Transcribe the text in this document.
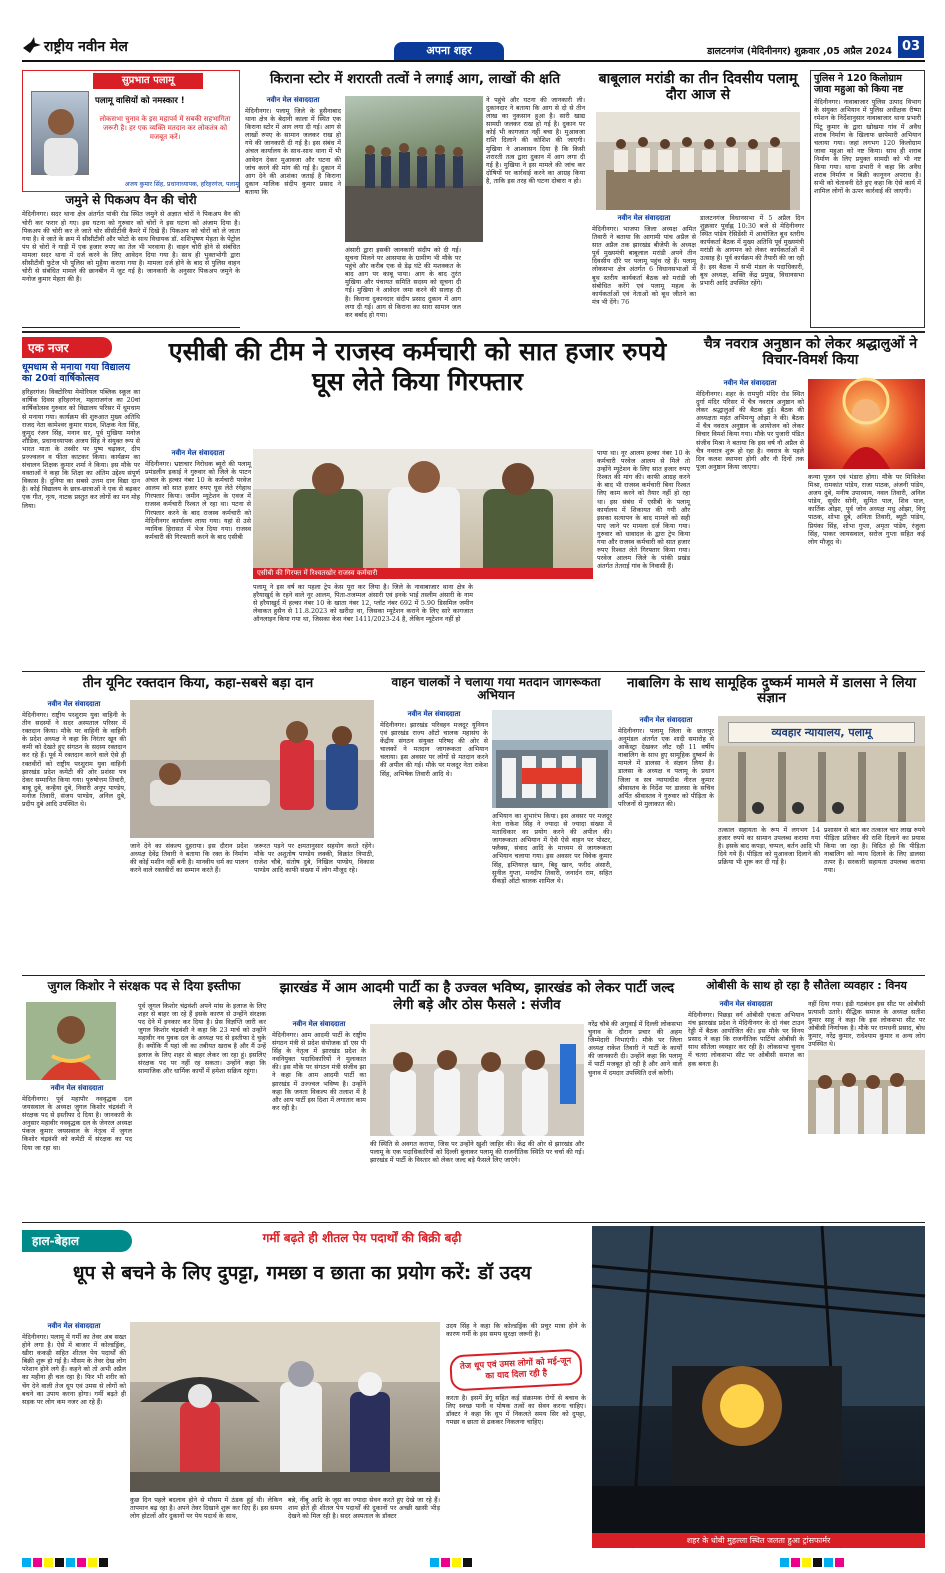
राष्ट्रीय नवीन मेल	अपना शहर	डालटनगंज (मेदिनीनगर) शुक्रवार ,05 अप्रैल 2024 03
सुप्रभात पलामू
पलामू वासियों को नमस्कार !
लोकसभा चुनाव के इस महापर्व में सबकी सहभागिता जरूरी है। हर एक व्यक्ति मतदान कर लोकतंत्र को मजबूत करें।
अजय कुमार सिंह, प्रधानाध्यापक, हरिहरगंज, पलामू
जमुने से पिकअप वैन की चोरी
मेदिनीनगर। सदर थाना क्षेत्र अंतर्गत पांकी रोड स्थित जमुने से अज्ञात चोरों ने पिकअप वैन की चोरी कर फरार हो गए। इस घटना को गुरुवार को चोरों ने इस घटना को अंजाम दिया है। पिकअप की चोरी कर ले जाते चोर सीसीटीवी कैमरे में दिखे हैं। पिकअप को चोरों को ले जाता गया है। वे जाते के क्रम में सीसीटीवी और फोटो के साथ विधायक डॉ. शशिभूषण मेहता के पेट्रोल पंप से चोरों ने गाड़ी में एक हजार रुपए का तेल भी भरवाया है। वाहन चोरी होने से संबंधित मामला सदर थाना में दर्ज करने के लिए आवेदन दिया गया है। साथ ही भुक्तभोगी द्वारा सीसीटीवी फुटेज भी पुलिस को मुहैया कराया गया है। मामला दर्ज होने के बाद से पुलिस वाहन चोरी से संबंधित मामले की छानबीन में जुट गई है। जानकारी के अनुसार पिकअप जमुने के मनोज कुमार मेहता की है।
किराना स्टोर में शरारती तत्वों ने लगाई आग, लाखों की क्षति
नवीन मेल संवाददाता
मेदिनीनगर। पलामू जिले के हुसैनाबाद थाना क्षेत्र के बेदानी काला में स्थित एक किराना स्टोर में आग लगा दी गई। आग से लाखों रुपए के सामान जलकर राख हो गये की जानकारी दी गई है। इस संबंध में अंचल कार्यालय के साथ-साथ थाना में भी आवेदन देकर मुआवजा और घटना की जांच करने की मांग की गई है। दुकान में आग देने की आशंका जताई है किराना दुकान मालिक संदीप कुमार प्रसाद ने बताया कि
अंसारी द्वारा इसकी जानकारी संदीप को दी गई। सूचना मिलने पर आसपास के ग्रामीण भी मौके पर पहुंचे और करीब एक से डेढ़ घंटे की मशक्कत के बाद आग पर काबू पाया। आग के बाद तुरंत मुखिया और पंचायत समिति सदस्य को सूचना दी गई। मुखिया ने आवेदन जमा करने की सलाह दी है। किराना दुकानदार संदीप प्रसाद दुकान में आग लगा दी गई। आग से किराना का सारा सामान जल कर बर्बाद हो गया।
ने पहुंचे और घटना की जानकारी ली। दुकानदार ने बताया कि आग से दो से तीन लाख का नुकसान हुआ है। सारी खाद्य सामग्री जलकर राख हो गई है। दुकान पर कोई भी कागजात नहीं बचा है। मुआवजा राशि दिलाने की कोशिश की जाएगी। मुखिया ने आश्वासन दिया है कि किसी शरारती तत्व द्वारा दुकान में आग लगा दी गई है। मुखिया ने इस मामले की जांच कर दोषियों पर कार्रवाई करने का आग्रह किया है, ताकि इस तरह की घटना दोबारा न हो।
बाबूलाल मरांडी का तीन दिवसीय पलामू दौरा आज से
नवीन मेल संवाददाता
मेदिनीनगर। भाजपा जिला अध्यक्ष अमित तिवारी ने बताया कि आगामी पांच अप्रैल से सात अप्रैल तक झारखंड बीजेपी के अध्यक्ष पूर्व मुख्यमंत्री बाबूलाल मरांडी अपने तीन दिवसीय दौरे पर पलामू पहुंच रहे हैं। पलामू लोकसभा क्षेत्र अंतर्गत 6 विधानसभाओं में बूथ स्तरीय कार्यकर्ता बैठक को मरांडी जी संबोधित करेंगे एवं पलामू महत्व के कार्यकर्ताओं एवं नेताओं को बूथ जीतने का मंत्र भी देंगे। 76
डालटनगंज विधानसभा में 5 अप्रैल दिन शुक्रवार पूर्वाह्न 10:30 बजे से मेदिनीनगर स्थित पांडेय रेसिडेंसी में आयोजित बूथ स्तरीय कार्यकर्ता बैठक में मुख्य अतिथि पूर्व मुख्यमंत्री मरांडी के आगमन को लेकर कार्यकर्ताओं में उत्साह है। पूर्व कार्यक्रम की तैयारी की जा रही है। इस बैठक में सभी मंडल के पदाधिकारी, बूथ अध्यक्ष, शक्ति केंद्र प्रमुख, विधानसभा प्रभारी आदि उपस्थित रहेंगे।
पुलिस ने 120 किलोग्राम जावा महुआ को किया नष्ट
मेदिनीनगर। नावाबाजार पुलिस उत्पाद विभाग के संयुक्त अभियान में पुलिस अधीक्षक रीष्मा रमेशन के निर्देशानुसार नावाबाजार थाना प्रभारी पिंटू कुमार के द्वारा खोखमा गांव में अवैध शराब निर्माण के खिलाफ छापेमारी अभियान चलाया गया। जहां लगभग 120 किलोग्राम जावा महुआ को नष्ट किया। साथ ही शराब निर्माण के लिए प्रयुक्त सामग्री को भी नष्ट किया गया। थाना प्रभारी ने कहा कि अवैध शराब निर्माण व बिक्री कानूनन अपराध है। सभी को चेतावनी देते हुए कहा कि ऐसे कार्य में शामिल लोगों के ऊपर कार्रवाई की जाएगी।
एक नजर
धूमधाम से मनाया गया विद्यालय का 20वां वार्षिकोत्सव
हरिहरगंज। विक्टोरिया मेमोरियल पब्लिक स्कूल का वार्षिक दिवस हरिहरगंज, महाराजगंज का 20वां वार्षिकोत्सव गुरुवार को विद्यालय परिसर में धूमधाम से मनाया गया। कार्यक्रम की शुरुआत मुख्य अतिथि राजद नेता कामेश्वर कुमार यादव, शिक्षक नेता सिंह, कुमुद रंजन सिंह, मनान सर, पूर्व मुखिया मनोज शौडिक, प्रधानाध्यापक अजय सिंह ने संयुक्त रूप से भारत माता के तस्वीर पर पुष्प चढ़ाकर, दीप प्रज्ज्वलन व फीता काटकर किया। कार्यक्रम का संचालन शिक्षक कुमार शर्मा ने किया। इस मौके पर वक्ताओं ने कहा कि शिक्षा का अंतिम उद्देश्य संपूर्ण विकास है। दुनिया का सबसे उत्तम दान विद्या दान है। कोई विद्यालय के छात्र-छात्राओं ने एक से बढ़कर एक गीत, नृत्य, नाटक प्रस्तुत कर लोगों का मन मोह लिया।
एसीबी की टीम ने राजस्व कर्मचारी को सात हजार रुपये घूस लेते किया गिरफ्तार
नवीन मेल संवाददाता
मेदिनीनगर। भ्रष्टाचार निरोधक ब्यूरो की पलामू प्रमंडलीय इकाई ने गुरुवार को जिले के पाटन अंचल के हल्का नंबर 10 के कर्मचारी परवेज आलम को सात हजार रुपए घूस लेते रंगेहाथ गिरफ्तार किया। जमीन म्यूटेशन के एवज में राजस्व कर्मचारी रिश्वत ले रहा था। पटना से गिरफ्तार करने के बाद राजस्व कर्मचारी को मेदिनीनगर कार्यालय लाया गया। यहां से उसे न्यायिक हिरासत में भेज दिया गया। राजस्व कर्मचारी की गिरफ्तारी करने के बाद एसीबी
एसीबी की गिरफ्त में रिश्वतखोर राजस्व कर्मचारी
पलामू ने इस वर्ष का पहला ट्रेप केस पूरा कर लिया है। जिले के नावाबाजार थाना क्षेत्र के हरैयाखुर्द के रहने वाले नूर आलम, पिता-तजम्मल अंसारी एवं इनके भाई तस्लीम अंसारी के नाम से हरैयाखुर्द में हल्का नंबर 10 के खाता नंबर 12, प्लॉट नंबर 692 में 5.90 डिसमिल जमीन लेवाकत हुसैन से 11.8.2023 को खरीदा था, जिसका म्यूटेशन कराने के लिए सारे कागजात ऑनलाइन किया गया था, जिसका केस नंबर 1411/2023-24 है, लेकिन म्यूटेशन नहीं हो
पाया था। नूर आलम हल्का नंबर 10 के कर्मचारी परवेज आलम से मिले तो उन्होंने म्यूटेशन के लिए सात हजार रुपए रिश्वत की मांग की। काफी आग्रह करने के बाद भी राजस्व कर्मचारी बिना रिश्वत लिए काम करने को तैयार नहीं हो रहा था। इस संबंध में एसीबी के पलामू कार्यालय में शिकायत की गयी और इसका सत्यापन के बाद मामले को सही पाए जाने पर मामला दर्ज किया गया। गुरुवार को धावादल के द्वारा ट्रेप किया गया और राजस्व कर्मचारी को सात हजार रुपए रिश्वत लेते गिरफ्तार किया गया। परवेज आलम जिले के पांकी प्रखंड अंतर्गत तेतराई गांव के निवासी हैं।
चैत्र नवरात्र अनुष्ठान को लेकर श्रद्धालुओं ने विचार-विमर्श किया
नवीन मेल संवाददाता
मेदिनीनगर। शहर के रामपुरी मंदिर रोड स्थित दुर्गा मंदिर परिसर में चैत्र नवरात्र अनुष्ठान को लेकर श्रद्धालुओं की बैठक हुई। बैठक की अध्यक्षता महंत अभिमन्यु ओझा ने की। बैठक में चैत्र नवरात्र अनुष्ठान के आयोजन को लेकर विचार विमर्श किया गया। मौके पर पुजारी पंडित संजीव मिश्रा ने बताया कि इस वर्ष नौ अप्रैल से चैत्र नवरात्र शुरू हो रहा है। नवरात्र के पहले दिन कलश स्थापना होगी और नौ दिनों तक पूजा अनुष्ठान किया जाएगा।
कन्या पूजन एवं भंडारा होगा। मौके पर मिथिलेश मिश्रा, रामकांत पांडेय, राजा पाठक, अंजनी पांडेय, अजय दुबे, मनीष उपाध्याय, नवल तिवारी, अनिल पांडेय, सुधीर सोनी, सुमित पाल, शिव पाल, कार्तिक ओझा, पूर्व जोन अध्यक्ष मधु ओझा, विनू पाठक, शोभा दुबे, अनिता तिवारी, ब्यूटी पांडेय, प्रियंका सिंह, शोभा गुप्ता, अमृता पांडेय, रंजुला सिंह, पाकर जायसवाल, सरोज गुप्ता सहित कई लोग मौजूद थे।
तीन यूनिट रक्तदान किया, कहा-सबसे बड़ा दान
नवीन मेल संवाददाता
मेदिनीनगर। राष्ट्रीय परशुराम युवा वाहिनी के तीन सदस्यों ने सदर अस्पताल परिसर में रक्तदान किया। मौके पर वाहिनी के वाहिनी के प्रदेश अध्यक्ष ने कहा कि निरंतर खून की कमी को देखते हुए संगठन के सदस्य रक्तदान कर रहे हैं। पूर्व में रक्तदान करने वाले ऐसे ही रक्तवीरों को राष्ट्रीय परशुराम युवा वाहिनी झारखंड प्रदेश कमेटी की ओर प्रशंसा पत्र देकर सम्मानित किया गया। पुरुषोत्तम तिवारी, बाबू दुबे, कन्हैया दुबे, निवारी अनूप पाण्डेय, मनोज तिवारी, संजय पाण्डेय, अनिल दुबे, प्रदीप दुबे आदि उपस्थित थे।
जाने देने का संकल्प दुहराया। इस दौरान प्रदेश अध्यक्ष देवेंद्र तिवारी ने बताया कि रक्त के निर्माण की कोई मशीन नहीं बनी है। मानवीय धर्म का पालन करने वाले रक्तवीरों का सम्मान करते हैं।
जरूरत पड़ने पर क्षमतानुसार सहयोग करते रहेंगे। मौके पर अशुतोष पाण्डेय लक्की, विक्रांत त्रिपाठी, राजेश चौबे, संतोष दुबे, निखिल पाण्डेय, विकास पाण्डेय आदि काफी संख्या में लोग मौजूद रहे।
वाहन चालकों ने चलाया गया मतदान जागरूकता अभियान
नवीन मेल संवाददाता
मेदिनीनगर। झारखंड परिवहन मजदूर यूनियन एवं झारखंड राज्य ऑटो चालक महासंघ के केंद्रीय संगठन संयुक्त परिषद की ओर से चालकों ने मतदान जागरूकता अभियान चलाया। इस अवसर पर लोगों से मतदान करने की अपील की गई। मौके पर मजदूर नेता राकेश सिंह, अभिषेक तिवारी आदि थे।
अभियान का शुभारंभ किया। इस अवसर पर मजदूर नेता राकेश सिंह ने ज्यादा से ज्यादा संख्या में मताधिकार का प्रयोग करने की अपील की। जागरूकता अभियान में ऐसे ऐसे वाहन पर पोस्टर, फ्लैक्स, संवाद आदि के माध्यम से जागरूकता अभियान चलाया गया। इस अवसर पर विवेक कुमार सिंह, इम्तियाज़ खान, बिट्टू खान, फरीद अंसारी, सुनील गुप्ता, मनदीप तिवारी, जनार्दन राम, सहित सैकड़ों ऑटो चालक शामिल थे।
नाबालिग के साथ सामूहिक दुष्कर्म मामले में डालसा ने लिया संज्ञान
नवीन मेल संवाददाता
मेदिनीनगर। पलामू जिला के छतरपुर अनुमंडल अंतर्गत एक शादी समारोह से आर्केस्ट्रा देखकर लौट रही 11 वर्षीय नाबालिग के साथ हुए सामूहिक दुष्कर्म के मामले में डालसा ने संज्ञान लिया है। डालसा के अध्यक्ष व पलामू के प्रधान जिला व सत्र न्यायाधीश नीरज कुमार श्रीवास्तव के निर्देश पर डालसा के सचिव अर्पित श्रीवास्तव ने गुरुवार को पीड़िता के परिजनों से मुलाकात की।
व्यवहार न्यायालय, पलामू
तत्काल सहायता के रूप में लगभग 14 हजार रुपये का सामान उपलब्ध कराया गया है। इसके बाद कपड़ा, चप्पल, बर्तन आदि भी दिये गये हैं। पीड़िता को मुआवजा दिलाने की प्रक्रिया भी शुरू कर दी गई है।
प्रशासन से बात कर तत्काल चार लाख रुपये पीड़िता प्रतिकर की राशि दिलाने का प्रयास किया जा रहा है। विदित हो कि पीड़िता नाबालिग को न्याय दिलाने के लिए डालसा तत्पर है। सरकारी सहायता उपलब्ध कराया गया।
जुगल किशोर ने संरक्षक पद से दिया इस्तीफा
नवीन मेल संवाददाता
मेदिनीनगर। पूर्व महापौर नववृद्धक दल जयसवाल के अध्यक्ष जुगल किशोर चंद्रवंशी ने संरक्षक पद से इस्तीफा दे दिया है। जानकारी के अनुसार महावीर नववृद्धक दल के जेनरल अध्यक्ष पंकज कुमार जयसवाल के नेतृत्व में जुगल किशोर चंद्रवंशी को कमेटी में संरक्षक का पद दिया जा रहा था।
पूर्व जुगल किशोर चंद्रवंशी अपने मांस के इलाज के लिए शहर से बाहर जा रहे हैं इसके कारण से उन्होंने संरक्षक पद देने में इनकार कर दिया है। प्रेस विज्ञप्ति जारी कर जुगल किशोर चंद्रवंशी ने कहा कि 23 मार्च को उन्होंने महावीर नव युवक दल के अध्यक्ष पद से इस्तीफा दे चुके हैं। क्योंकि मैं यहां जी का तबीयत खराब है और मैं उन्हें इलाज के लिए शहर से बाहर लेकर जा रहा हूं। इसलिए संरक्षक पद पर नहीं रह सकता। उन्होंने कहा कि सामाजिक और धार्मिक कार्यों में हमेशा सक्रिय रहूंगा।
झारखंड में आम आदमी पार्टी का है उज्वल भविष्य, झारखंड को लेकर पार्टी जल्द लेगी बड़े और ठोस फैसले : संजीव
नवीन मेल संवाददाता
मेदिनीनगर। आम आदमी पार्टी के राष्ट्रीय संगठन मंत्री से प्रदेश संयोजक डॉ एस पी सिंह के नेतृत्व में झारखंड प्रदेश के नवनियुक्त पदाधिकारियों ने मुलाकात की। इस मौके पर संगठन मंत्री संजीव झा ने कहा कि आम आदमी पार्टी का झारखंड में उज्ज्वल भविष्य है। उन्होंने कहा कि जनता विकल्प की तलाश में है और आप पार्टी इस दिशा में लगातार काम कर रही है।
की स्थिति से अवगत कराया, जिस पर उन्होंने खुशी जाहिर की। केंद्र की ओर से झारखंड और पलामू के एक पदाधिकारियों को दिल्ली बुलाकर पलामू की राजनीतिक स्थिति पर चर्चा की गई। झारखंड में पार्टी के विस्तार को लेकर जल्द बड़े फैसले लिए जाएंगे।
नरेंद्र चौबे की अगुवाई में दिल्ली लोकसभा चुनाव के दौरान प्रचार की अहम जिम्मेदारी निभाएंगी। मौके पर जिला अध्यक्ष राकेश तिवारी ने पार्टी के कार्यों की जानकारी दी। उन्होंने कहा कि पलामू में पार्टी मजबूत हो रही है और आने वाले चुनाव में दमदार उपस्थिति दर्ज करेगी।
ओबीसी के साथ हो रहा है सौतेला व्यवहार : विनय
नवीन मेल संवाददाता
मेदिनीनगर। पिछड़ा वर्ग ओबीसी एकता अभियान मंच झारखंड प्रदेश ने मेदिनीनगर के दो नंबर टाउन रेड्डी में बैठक आयोजित की। इस मौके पर विनय प्रसाद ने कहा कि राजनीतिक पार्टियां ओबीसी के साथ सौतेला व्यवहार कर रही है। लोकसभा चुनाव में चतरा लोकसभा सीट पर ओबीसी समाज का हक बनता है।
नहीं दिया गया। इंडी गठबंधन इस सीट पर ओबीसी प्रत्याशी उतारे। सैद्धिक समाज के अध्यक्ष सतीश कुमार साहू ने कहा कि इस लोकसभा सीट पर ओबीसी निर्णायक है। मौके पर रामधनी प्रसाद, बोध कुमार, नरेंद्र कुमार, राधेश्याम कुमार व अन्य लोग उपस्थित थे।
हाल-बेहाल	गर्मी बढ़ते ही शीतल पेय पदार्थों की बिक्री बढ़ी
धूप से बचने के लिए दुपट्टा, गमछा व छाता का प्रयोग करें: डॉ उदय
नवीन मेल संवाददाता
मेदिनीनगर। पलामू में गर्मी का तेवर अब सख्त होने लगा है। ऐसे में बाजार में कोल्डड्रिंक, खीरा ककड़ी सहित शीतल पेय पदार्थों की बिक्री शुरू हो गई है। मौसम के तेवर देख लोग परेशान होने लगे हैं। कहने को तो अभी अप्रैल का महीना ही चल रहा है। फिर भी शरीर को चेंग देने वाली तेज धूप एवं उमस से लोगों को बचने का उपाय करना होगा। गर्मी बढ़ते ही सड़क पर लोग कम नजर आ रहे हैं।
कुछ दिन पहले बदलाव होने से मौसम में ठंडक हुई थी। लेकिन तापमान बढ़ रहा है। अपने तेवर दिखाने शुरू कर दिए हैं। इस समय लोग होटलों और दुकानों पर पेय पदार्थ के साथ,
बन्ने, नींबू आदि के जूस का ज्यादा सेवन करते हुए देखे जा रहे हैं। शाम होते ही शीतल पेय पदार्थों की दुकानों पर अच्छी खासी भीड़ देखने को मिल रही है। सदर अस्पताल के डॉक्टर
उदय सिंह ने कहा कि कोल्डड्रिंक की प्रचुर मात्रा होने के कारण गर्मी के इस समय सुरक्षा जरूरी है।
तेज धूप एवं उमस लोगों को मई-जून का याद दिला रही है
करता है। इसमें डेंगू सहित कई संक्रामक रोगों से बचाव के लिए स्वच्छ पानी व पोषक तत्वों का सेवन करना चाहिए। डॉक्टर ने कहा कि धूप में निकलते समय सिर को दुपट्टा, गमछा व छाता से ढककर निकलना चाहिए।
शहर के धोबी मुहल्ला स्थित जलता हुआ ट्रांसफार्मर
